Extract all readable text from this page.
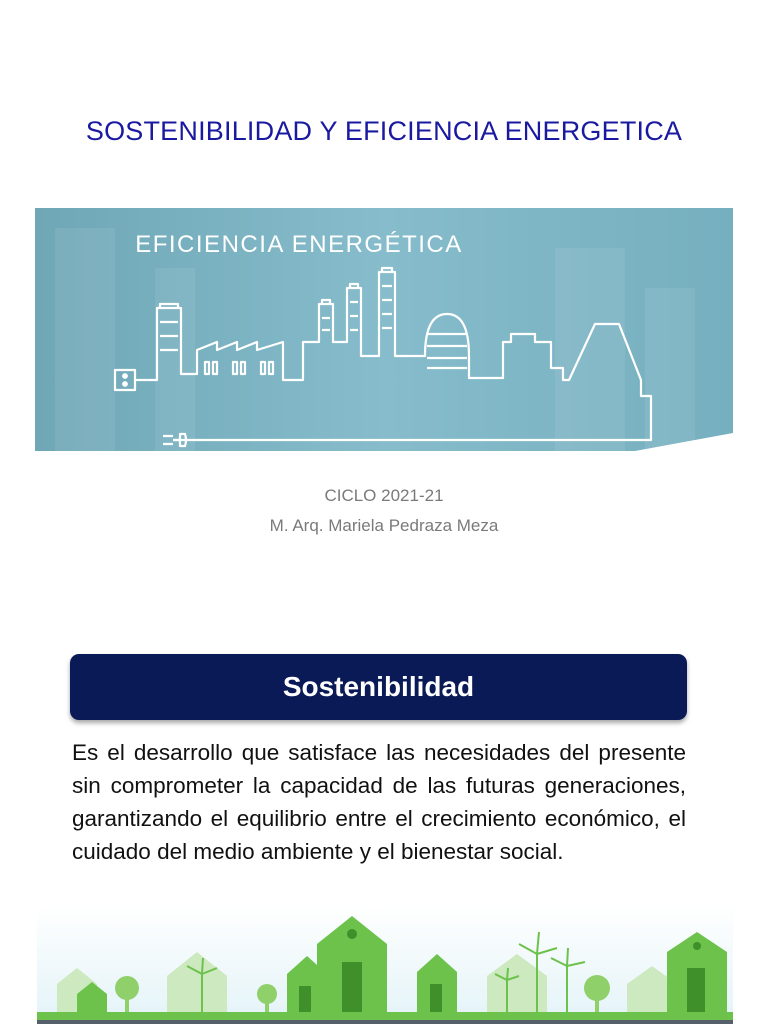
SOSTENIBILIDAD Y EFICIENCIA ENERGETICA
EFICIENCIA ENERGÉTICA
CICLO 2021-21
M. Arq. Mariela Pedraza Meza
Sostenibilidad

Es el desarrollo que satisface las necesidades del presente sin comprometer la capacidad de las futuras generaciones, garantizando el equilibrio entre el crecimiento económico, el cuidado del medio ambiente y el bienestar social.
